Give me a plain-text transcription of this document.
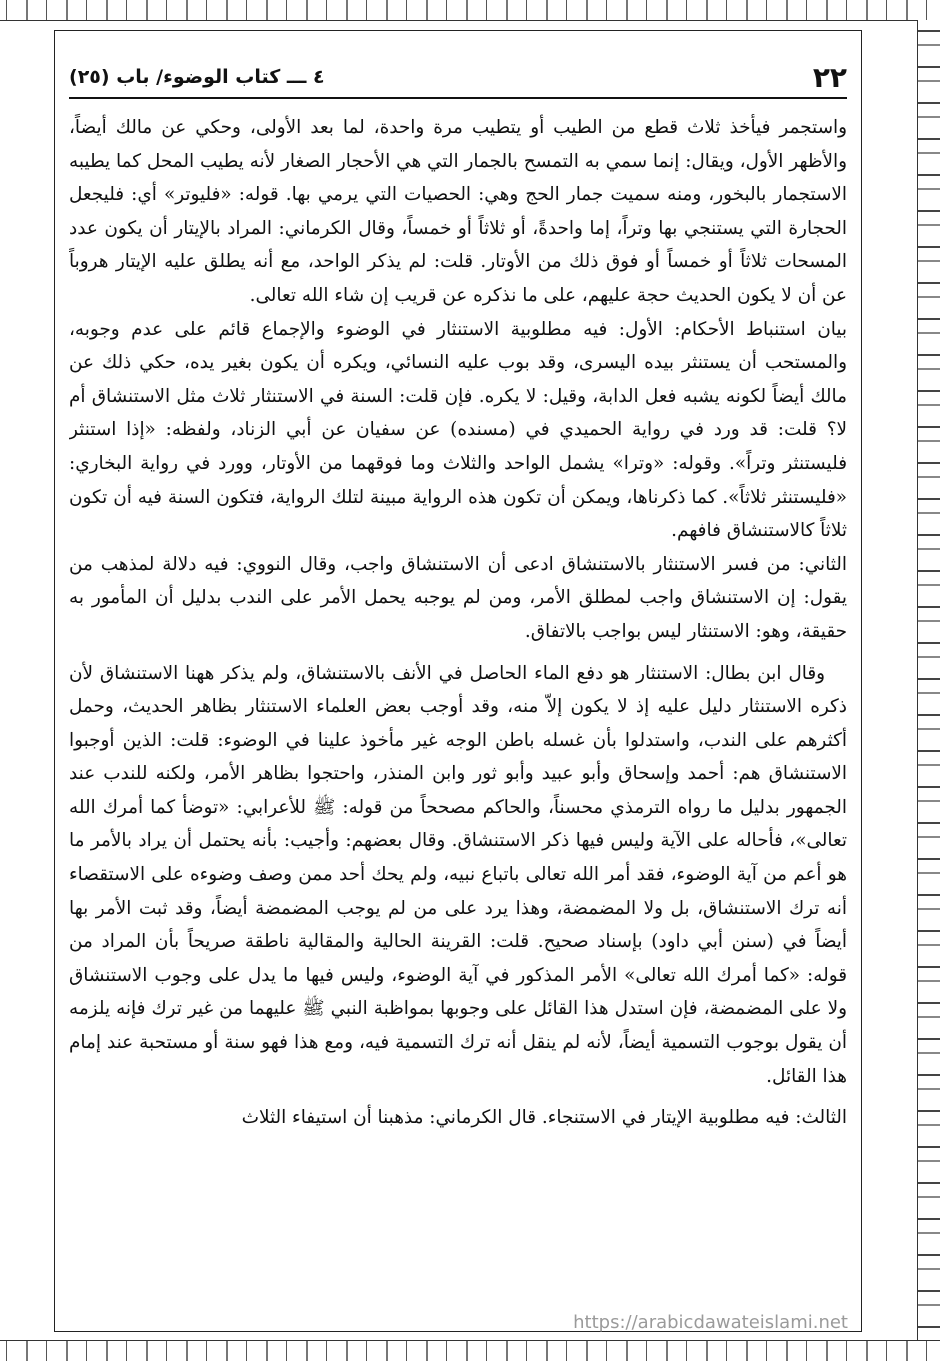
٢٢
٤ ـــ كتاب الوضوء/ باب (٢٥)

واستجمر فيأخذ ثلاث قطع من الطيب أو يتطيب مرة واحدة، لما بعد الأولى، وحكي عن مالك أيضاً، والأظهر الأول، ويقال: إنما سمي به التمسح بالجمار التي هي الأحجار الصغار لأنه يطيب المحل كما يطيبه الاستجمار بالبخور، ومنه سميت جمار الحج وهي: الحصيات التي يرمي بها. قوله: «فليوتر» أي: فليجعل الحجارة التي يستنجي بها وتراً، إما واحدةً، أو ثلاثاً أو خمساً، وقال الكرماني: المراد بالإيتار أن يكون عدد المسحات ثلاثاً أو خمساً أو فوق ذلك من الأوتار. قلت: لم يذكر الواحد، مع أنه يطلق عليه الإيتار هروباً عن أن لا يكون الحديث حجة عليهم، على ما نذكره عن قريب إن شاء الله تعالى.

بيان استنباط الأحكام: الأول: فيه مطلوبية الاستنثار في الوضوء والإجماع قائم على عدم وجوبه، والمستحب أن يستنثر بيده اليسرى، وقد بوب عليه النسائي، ويكره أن يكون بغير يده، حكي ذلك عن مالك أيضاً لكونه يشبه فعل الدابة، وقيل: لا يكره. فإن قلت: السنة في الاستنثار ثلاث مثل الاستنشاق أم لا؟ قلت: قد ورد في رواية الحميدي في (مسنده) عن سفيان عن أبي الزناد، ولفظه: «إذا استنثر فليستنثر وتراً». وقوله: «وترا» يشمل الواحد والثلاث وما فوقهما من الأوتار، وورد في رواية البخاري: «فليستنثر ثلاثاً». كما ذكرناها، ويمكن أن تكون هذه الرواية مبينة لتلك الرواية، فتكون السنة فيه أن تكون ثلاثاً كالاستنشاق فافهم.

الثاني: من فسر الاستنثار بالاستنشاق ادعى أن الاستنشاق واجب، وقال النووي: فيه دلالة لمذهب من يقول: إن الاستنشاق واجب لمطلق الأمر، ومن لم يوجبه يحمل الأمر على الندب بدليل أن المأمور به حقيقة، وهو: الاستنثار ليس بواجب بالاتفاق.

وقال ابن بطال: الاستنثار هو دفع الماء الحاصل في الأنف بالاستنشاق، ولم يذكر ههنا الاستنشاق لأن ذكره الاستنثار دليل عليه إذ لا يكون إلاّ منه، وقد أوجب بعض العلماء الاستنثار بظاهر الحديث، وحمل أكثرهم على الندب، واستدلوا بأن غسله باطن الوجه غير مأخوذ علينا في الوضوء: قلت: الذين أوجبوا الاستنشاق هم: أحمد وإسحاق وأبو عبيد وأبو ثور وابن المنذر، واحتجوا بظاهر الأمر، ولكنه للندب عند الجمهور بدليل ما رواه الترمذي محسناً، والحاكم مصححاً من قوله: ﷺ للأعرابي: «توضأ كما أمرك الله تعالى»، فأحاله على الآية وليس فيها ذكر الاستنشاق. وقال بعضهم: وأجيب: بأنه يحتمل أن يراد بالأمر ما هو أعم من آية الوضوء، فقد أمر الله تعالى باتباع نبيه، ولم يحك أحد ممن وصف وضوءه على الاستقصاء أنه ترك الاستنشاق، بل ولا المضمضة، وهذا يرد على من لم يوجب المضمضة أيضاً، وقد ثبت الأمر بها أيضاً في (سنن أبي داود) بإسناد صحيح. قلت: القرينة الحالية والمقالية ناطقة صريحاً بأن المراد من قوله: «كما أمرك الله تعالى» الأمر المذكور في آية الوضوء، وليس فيها ما يدل على وجوب الاستنشاق ولا على المضمضة، فإن استدل هذا القائل على وجوبها بمواظبة النبي ﷺ عليهما من غير ترك فإنه يلزمه أن يقول بوجوب التسمية أيضاً، لأنه لم ينقل أنه ترك التسمية فيه، ومع هذا فهو سنة أو مستحبة عند إمام هذا القائل.

الثالث: فيه مطلوبية الإيتار في الاستنجاء. قال الكرماني: مذهبنا أن استيفاء الثلاث

https://arabicdawateislami.net
